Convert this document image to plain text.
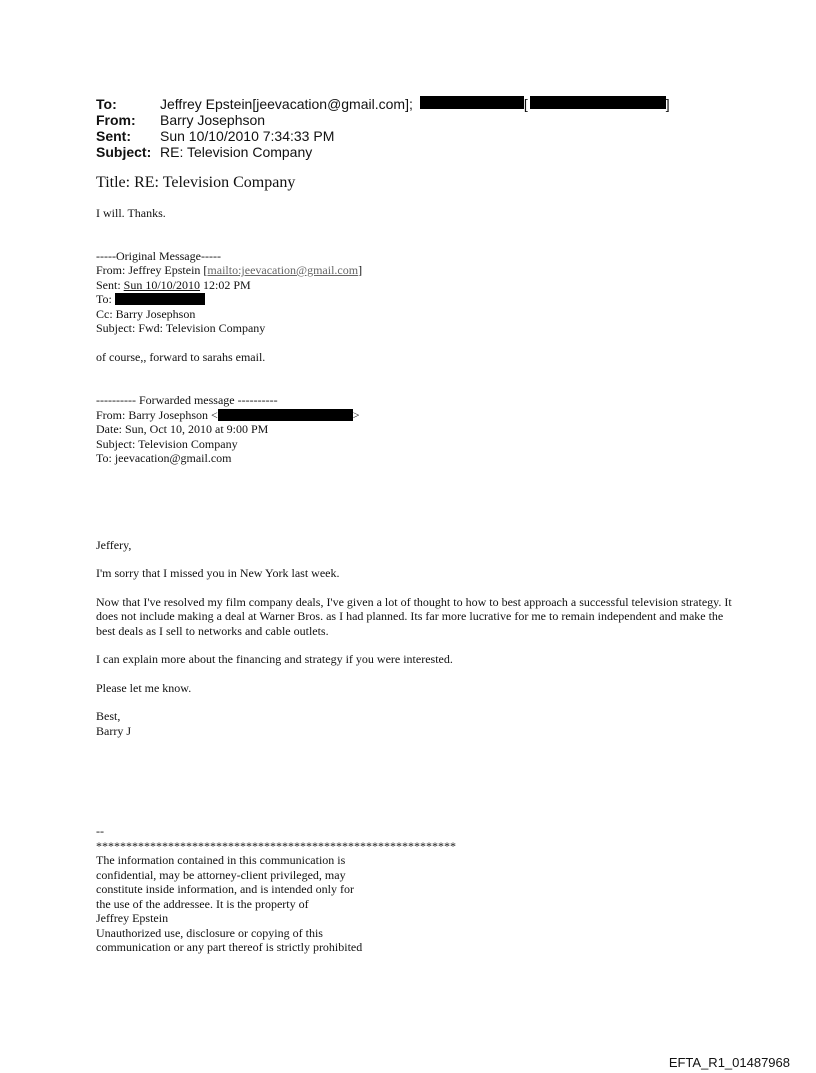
To:	Jeffrey Epstein[jeevacation@gmail.com];	[	]
From:	Barry Josephson
Sent:	Sun 10/10/2010 7:34:33 PM
Subject: RE: Television Company
Title: RE: Television Company

I will. Thanks.

-----Original Message-----

From: Jeffrey Epstein [mailto:jeevacation@gmail.com]

Sent: Sun 10/10/2010 12:02 PM

To:

Cc: Barry Josephson

Subject: Fwd: Television Company

of course,, forward to sarahs email.

---------- Forwarded message ----------

From: Barry Josephson <	>

Date: Sun, Oct 10, 2010 at 9:00 PM

Subject: Television Company

To: jeevacation@gmail.com

Jeffery,

I'm sorry that I missed you in New York last week.

Now that I've resolved my film company deals, I've given a lot of thought to how to best approach a successful television strategy. It does not include making a deal at Warner Bros. as I had planned. Its far more lucrative for me to remain independent and make the best deals as I sell to networks and cable outlets.

I can explain more about the financing and strategy if you were interested.

Please let me know.

Best,

Barry J

--

************************************************************

The information contained in this communication is

confidential, may be attorney-client privileged, may

constitute inside information, and is intended only for

the use of the addressee. It is the property of

Jeffrey Epstein

Unauthorized use, disclosure or copying of this

communication or any part thereof is strictly prohibited

EFTA_R1_01487968
